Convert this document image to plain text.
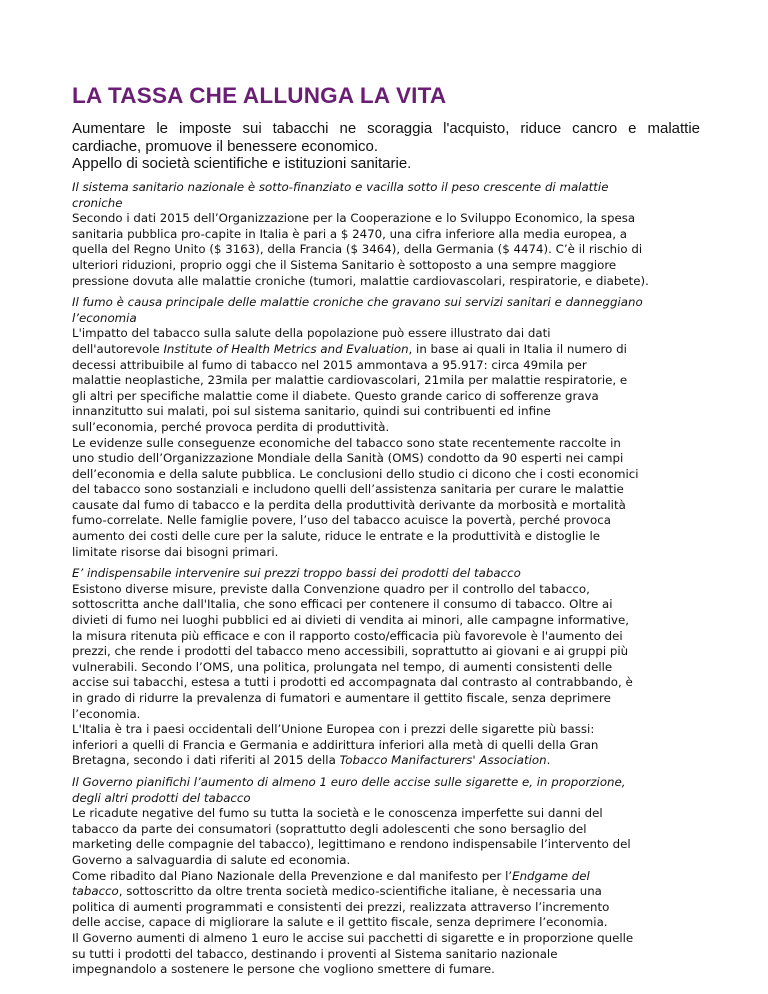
LA TASSA CHE ALLUNGA LA VITA
Aumentare le imposte sui tabacchi ne scoraggia l'acquisto, riduce cancro e malattie
cardiache, promuove il benessere economico.
Appello di società scientifiche e istituzioni sanitarie.
Il sistema sanitario nazionale è sotto-finanziato e vacilla sotto il peso crescente di malattie
croniche

Secondo i dati 2015 dell’Organizzazione per la Cooperazione e lo Sviluppo Economico, la spesa
sanitaria pubblica pro-capite in Italia è pari a $ 2470, una cifra inferiore alla media europea, a
quella del Regno Unito ($ 3163), della Francia ($ 3464), della Germania ($ 4474). C’è il rischio di
ulteriori riduzioni, proprio oggi che il Sistema Sanitario è sottoposto a una sempre maggiore
pressione dovuta alle malattie croniche (tumori, malattie cardiovascolari, respiratorie, e diabete).

Il fumo è causa principale delle malattie croniche che gravano sui servizi sanitari e danneggiano
l’economia

L'impatto del tabacco sulla salute della popolazione può essere illustrato dai dati
dell'autorevole Institute of Health Metrics and Evaluation, in base ai quali in Italia il numero di
decessi attribuibile al fumo di tabacco nel 2015 ammontava a 95.917: circa 49mila per
malattie neoplastiche, 23mila per malattie cardiovascolari, 21mila per malattie respiratorie, e
gli altri per specifiche malattie come il diabete. Questo grande carico di sofferenze grava
innanzitutto sui malati, poi sul sistema sanitario, quindi sui contribuenti ed infine
sull’economia, perché provoca perdita di produttività.

Le evidenze sulle conseguenze economiche del tabacco sono state recentemente raccolte in
uno studio dell’Organizzazione Mondiale della Sanità (OMS) condotto da 90 esperti nei campi
dell’economia e della salute pubblica. Le conclusioni dello studio ci dicono che i costi economici
del tabacco sono sostanziali e includono quelli dell’assistenza sanitaria per curare le malattie
causate dal fumo di tabacco e la perdita della produttività derivante da morbosità e mortalità
fumo-correlate. Nelle famiglie povere, l’uso del tabacco acuisce la povertà, perché provoca
aumento dei costi delle cure per la salute, riduce le entrate e la produttività e distoglie le
limitate risorse dai bisogni primari.

E’ indispensabile intervenire sui prezzi troppo bassi dei prodotti del tabacco

Esistono diverse misure, previste dalla Convenzione quadro per il controllo del tabacco,
sottoscritta anche dall'Italia, che sono efficaci per contenere il consumo di tabacco. Oltre ai
divieti di fumo nei luoghi pubblici ed ai divieti di vendita ai minori, alle campagne informative,
la misura ritenuta più efficace e con il rapporto costo/efficacia più favorevole è l'aumento dei
prezzi, che rende i prodotti del tabacco meno accessibili, soprattutto ai giovani e ai gruppi più
vulnerabili. Secondo l’OMS, una politica, prolungata nel tempo, di aumenti consistenti delle
accise sui tabacchi, estesa a tutti i prodotti ed accompagnata dal contrasto al contrabbando, è
in grado di ridurre la prevalenza di fumatori e aumentare il gettito fiscale, senza deprimere
l’economia.

L'Italia è tra i paesi occidentali dell’Unione Europea con i prezzi delle sigarette più bassi:
inferiori a quelli di Francia e Germania e addirittura inferiori alla metà di quelli della Gran
Bretagna, secondo i dati riferiti al 2015 della Tobacco Manifacturers' Association.

Il Governo pianifichi l’aumento di almeno 1 euro delle accise sulle sigarette e, in proporzione,
degli altri prodotti del tabacco

Le ricadute negative del fumo su tutta la società e le conoscenza imperfette sui danni del
tabacco da parte dei consumatori (soprattutto degli adolescenti che sono bersaglio del
marketing delle compagnie del tabacco), legittimano e rendono indispensabile l’intervento del
Governo a salvaguardia di salute ed economia.

Come ribadito dal Piano Nazionale della Prevenzione e dal manifesto per l’Endgame del
tabacco, sottoscritto da oltre trenta società medico-scientifiche italiane, è necessaria una
politica di aumenti programmati e consistenti dei prezzi, realizzata attraverso l’incremento
delle accise, capace di migliorare la salute e il gettito fiscale, senza deprimere l’economia.

Il Governo aumenti di almeno 1 euro le accise sui pacchetti di sigarette e in proporzione quelle
su tutti i prodotti del tabacco, destinando i proventi al Sistema sanitario nazionale
impegnandolo a sostenere le persone che vogliono smettere di fumare.
